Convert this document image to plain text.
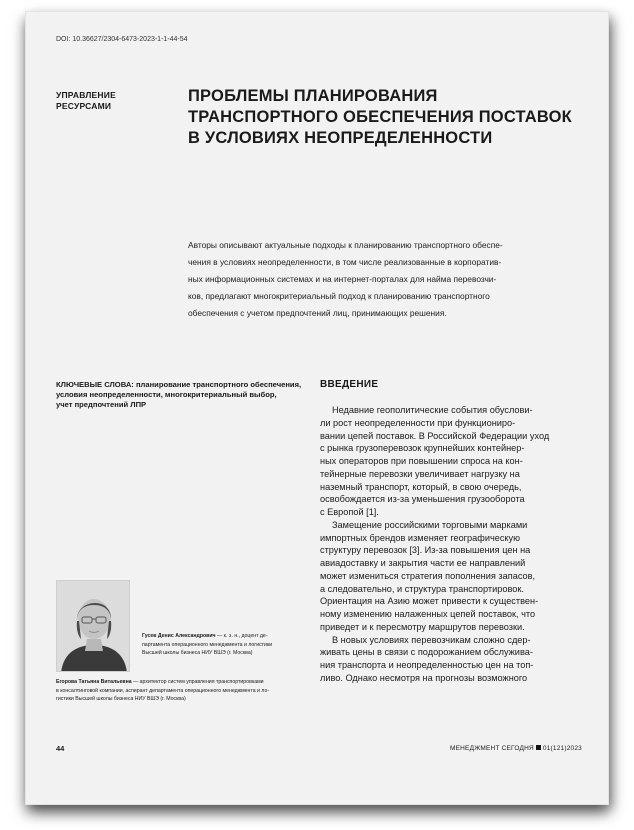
DOI: 10.36627/2304-6473-2023-1-1-44-54
УПРАВЛЕНИЕ
РЕСУРСАМИ
ПРОБЛЕМЫ ПЛАНИРОВАНИЯ
ТРАНСПОРТНОГО ОБЕСПЕЧЕНИЯ ПОСТАВОК
В УСЛОВИЯХ НЕОПРЕДЕЛЕННОСТИ
Авторы описывают актуальные подходы к планированию транспортного обеспе-
чения в условиях неопределенности, в том числе реализованные в корпоратив-
ных информационных системах и на интернет-порталах для найма перевозчи-
ков, предлагают многокритериальный подход к планированию транспортного
обеспечения с учетом предпочтений лиц, принимающих решения.
КЛЮЧЕВЫЕ СЛОВА: планирование транспортного обеспечения,
условия неопределенности, многокритериальный выбор,
учет предпочтений ЛПР
Гусев Денис Александрович — к. э. н., доцент де-
партамента операционного менеджмента и логистики
Высшей школы бизнеса НИУ ВШЭ (г. Москва)
Егорова Татьяна Витальевна — архитектор систем управления транспортировками
в консалтинговой компании, аспирант департамента операционного менеджмента и ло-
гистики Высшей школы бизнеса НИУ ВШЭ (г. Москва)
ВВЕДЕНИЕ
Недавние геополитические события обуслови-
ли рост неопределенности при функциониро-
вании цепей поставок. В Российской Федерации уход
с рынка грузоперевозок крупнейших контейнер-
ных операторов при повышении спроса на кон-
тейнерные перевозки увеличивает нагрузку на
наземный транспорт, который, в свою очередь,
освобождается из-за уменьшения грузооборота
с Европой [1].
Замещение российскими торговыми марками
импортных брендов изменяет географическую
структуру перевозок [3]. Из-за повышения цен на
авиадоставку и закрытия части ее направлений
может измениться стратегия пополнения запасов,
а следовательно, и структура транспортировок.
Ориентация на Азию может привести к существен-
ному изменению налаженных цепей поставок, что
приведет и к пересмотру маршрутов перевозки.
В новых условиях перевозчикам сложно сдер-
живать цены в связи с подорожанием обслужива-
ния транспорта и неопределенностью цен на топ-
ливо. Однако несмотря на прогнозы возможного
44	МЕНЕДЖМЕНТ СЕГОДНЯ 01(121)2023
